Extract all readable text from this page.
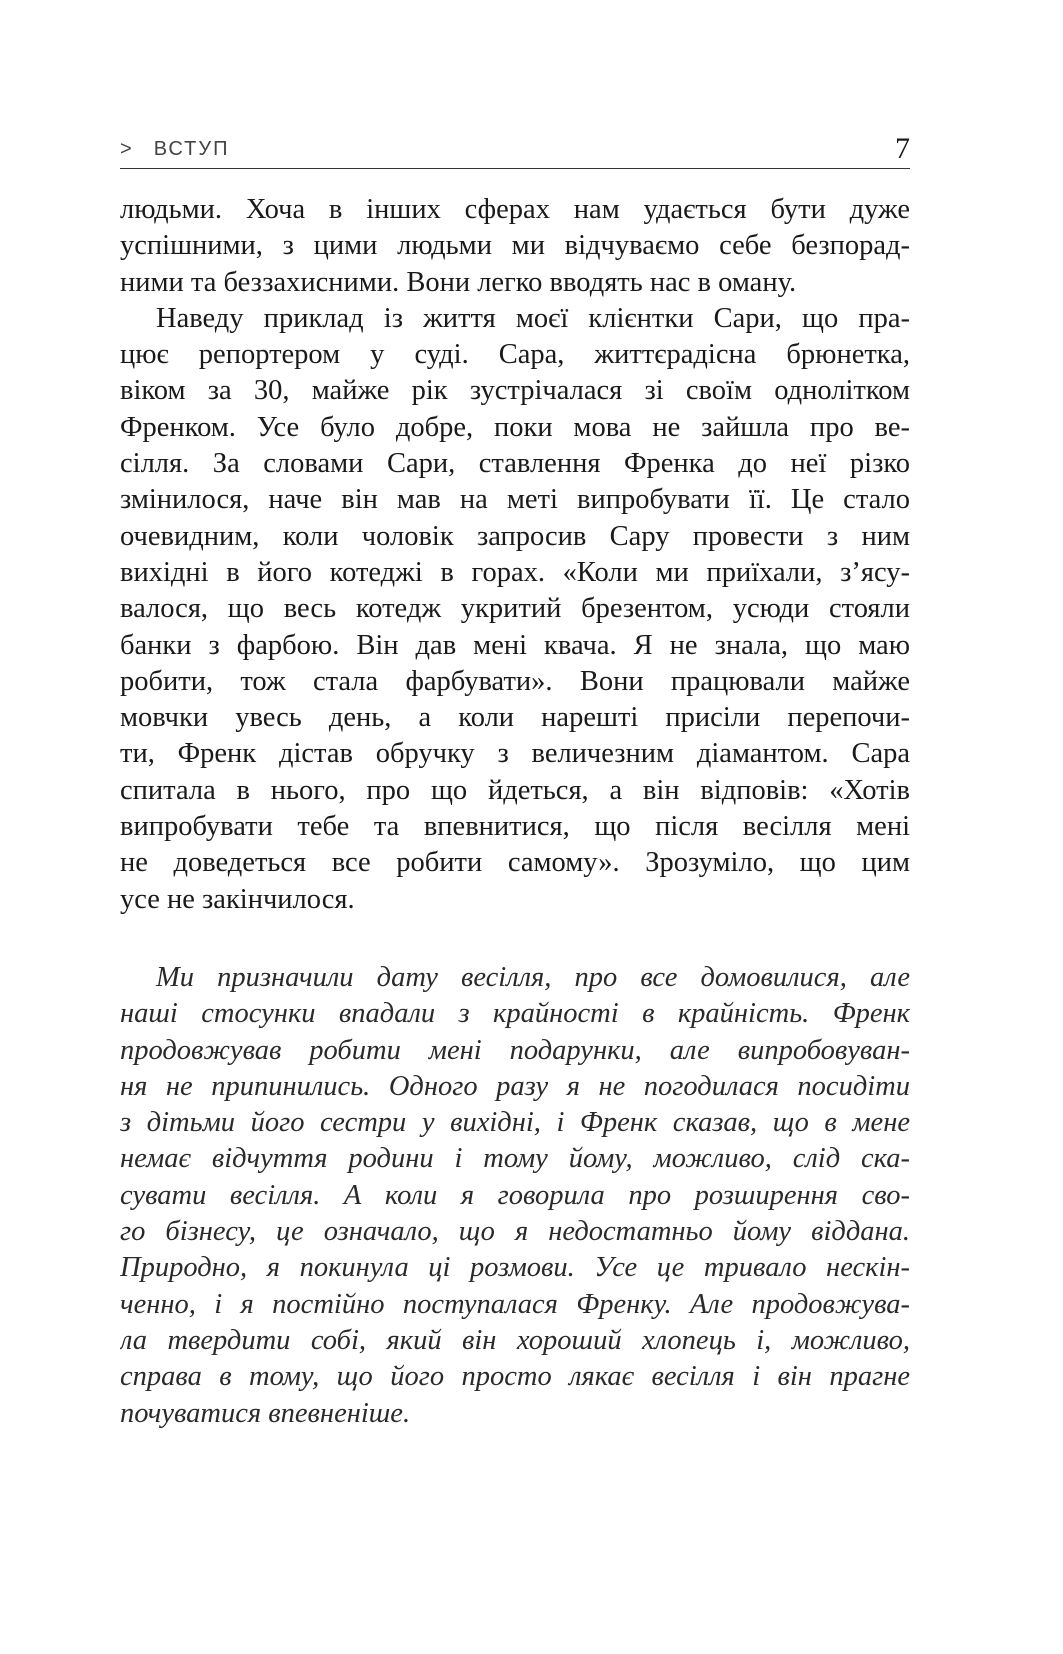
> ВСТУП	7
людьми. Хоча в інших сферах нам удається бути дуже
успішними, з цими людьми ми відчуваємо себе безпорад-
ними та беззахисними. Вони легко вводять нас в оману.
Наведу приклад із життя моєї клієнтки Сари, що пра-
цює репортером у суді. Сара, життєрадісна брюнетка,
віком за 30, майже рік зустрічалася зі своїм однолітком
Френком. Усе було добре, поки мова не зайшла про ве-
сілля. За словами Сари, ставлення Френка до неї різко
змінилося, наче він мав на меті випробувати її. Це стало
очевидним, коли чоловік запросив Сару провести з ним
вихідні в його котеджі в горах. «Коли ми приїхали, з’ясу-
валося, що весь котедж укритий брезентом, усюди стояли
банки з фарбою. Він дав мені квача. Я не знала, що маю
робити, тож стала фарбувати». Вони працювали майже
мовчки увесь день, а коли нарешті присіли перепочи-
ти, Френк дістав обручку з величезним діамантом. Сара
спитала в нього, про що йдеться, а він відповів: «Хотів
випробувати тебе та впевнитися, що після весілля мені
не доведеться все робити самому». Зрозуміло, що цим
усе не закінчилося.
Ми призначили дату весілля, про все домовилися, але
наші стосунки впадали з крайності в крайність. Френк
продовжував робити мені подарунки, але випробовуван-
ня не припинились. Одного разу я не погодилася посидіти
з дітьми його сестри у вихідні, і Френк сказав, що в мене
немає відчуття родини і тому йому, можливо, слід ска-
сувати весілля. А коли я говорила про розширення сво-
го бізнесу, це означало, що я недостатньо йому віддана.
Природно, я покинула ці розмови. Усе це тривало нескін-
ченно, і я постійно поступалася Френку. Але продовжува-
ла твердити собі, який він хороший хлопець і, можливо,
справа в тому, що його просто лякає весілля і він прагне
почуватися впевненіше.
